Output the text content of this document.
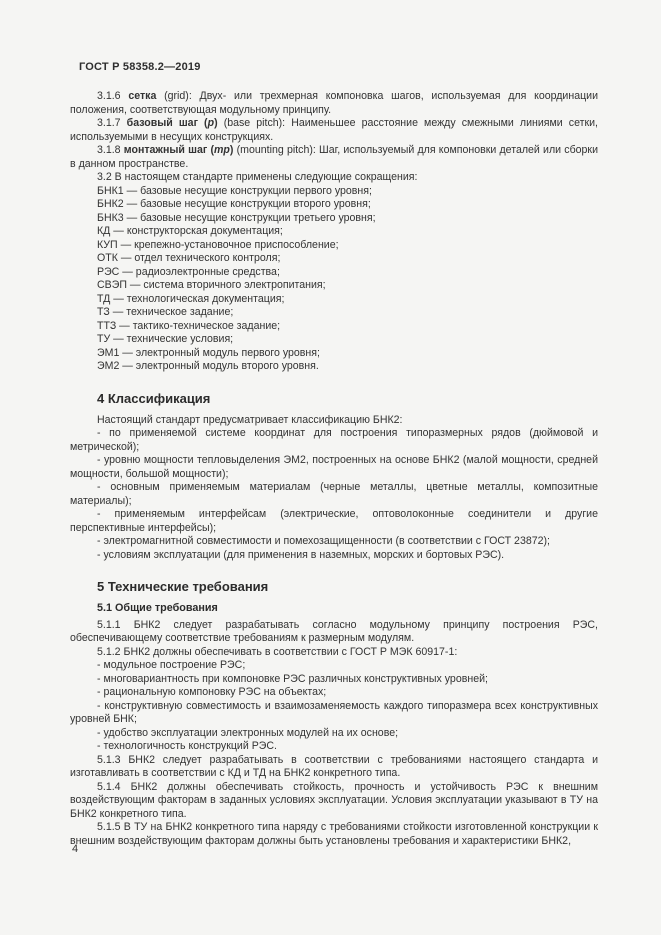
ГОСТ Р 58358.2—2019

3.1.6 сетка (grid): Двух- или трехмерная компоновка шагов, используемая для координации положения, соответствующая модульному принципу.

3.1.7 базовый шаг (p) (base pitch): Наименьшее расстояние между смежными линиями сетки, используемыми в несущих конструкциях.

3.1.8 монтажный шаг (mp) (mounting pitch): Шаг, используемый для компоновки деталей или сборки в данном пространстве.

3.2 В настоящем стандарте применены следующие сокращения:

БНК1 — базовые несущие конструкции первого уровня;

БНК2 — базовые несущие конструкции второго уровня;

БНК3 — базовые несущие конструкции третьего уровня;

КД — конструкторская документация;

КУП — крепежно-установочное приспособление;

ОТК — отдел технического контроля;

РЭС — радиоэлектронные средства;

СВЭП — система вторичного электропитания;

ТД — технологическая документация;

ТЗ — техническое задание;

ТТЗ — тактико-техническое задание;

ТУ — технические условия;

ЭМ1 — электронный модуль первого уровня;

ЭМ2 — электронный модуль второго уровня.

4 Классификация

Настоящий стандарт предусматривает классификацию БНК2:

- по применяемой системе координат для построения типоразмерных рядов (дюймовой и метрической);

- уровню мощности тепловыделения ЭМ2, построенных на основе БНК2 (малой мощности, средней мощности, большой мощности);

- основным применяемым материалам (черные металлы, цветные металлы, композитные материалы);

- применяемым интерфейсам (электрические, оптоволоконные соединители и другие перспективные интерфейсы);

- электромагнитной совместимости и помехозащищенности (в соответствии с ГОСТ 23872);

- условиям эксплуатации (для применения в наземных, морских и бортовых РЭС).

5 Технические требования
5.1 Общие требования

5.1.1 БНК2 следует разрабатывать согласно модульному принципу построения РЭС, обеспечивающему соответствие требованиям к размерным модулям.

5.1.2 БНК2 должны обеспечивать в соответствии с ГОСТ Р МЭК 60917-1:

- модульное построение РЭС;

- многовариантность при компоновке РЭС различных конструктивных уровней;

- рациональную компоновку РЭС на объектах;

- конструктивную совместимость и взаимозаменяемость каждого типоразмера всех конструктивных уровней БНК;

- удобство эксплуатации электронных модулей на их основе;

- технологичность конструкций РЭС.

5.1.3 БНК2 следует разрабатывать в соответствии с требованиями настоящего стандарта и изготавливать в соответствии с КД и ТД на БНК2 конкретного типа.

5.1.4 БНК2 должны обеспечивать стойкость, прочность и устойчивость РЭС к внешним воздействующим факторам в заданных условиях эксплуатации. Условия эксплуатации указывают в ТУ на БНК2 конкретного типа.

5.1.5 В ТУ на БНК2 конкретного типа наряду с требованиями стойкости изготовленной конструкции к внешним воздействующим факторам должны быть установлены требования и характеристики БНК2,

4
